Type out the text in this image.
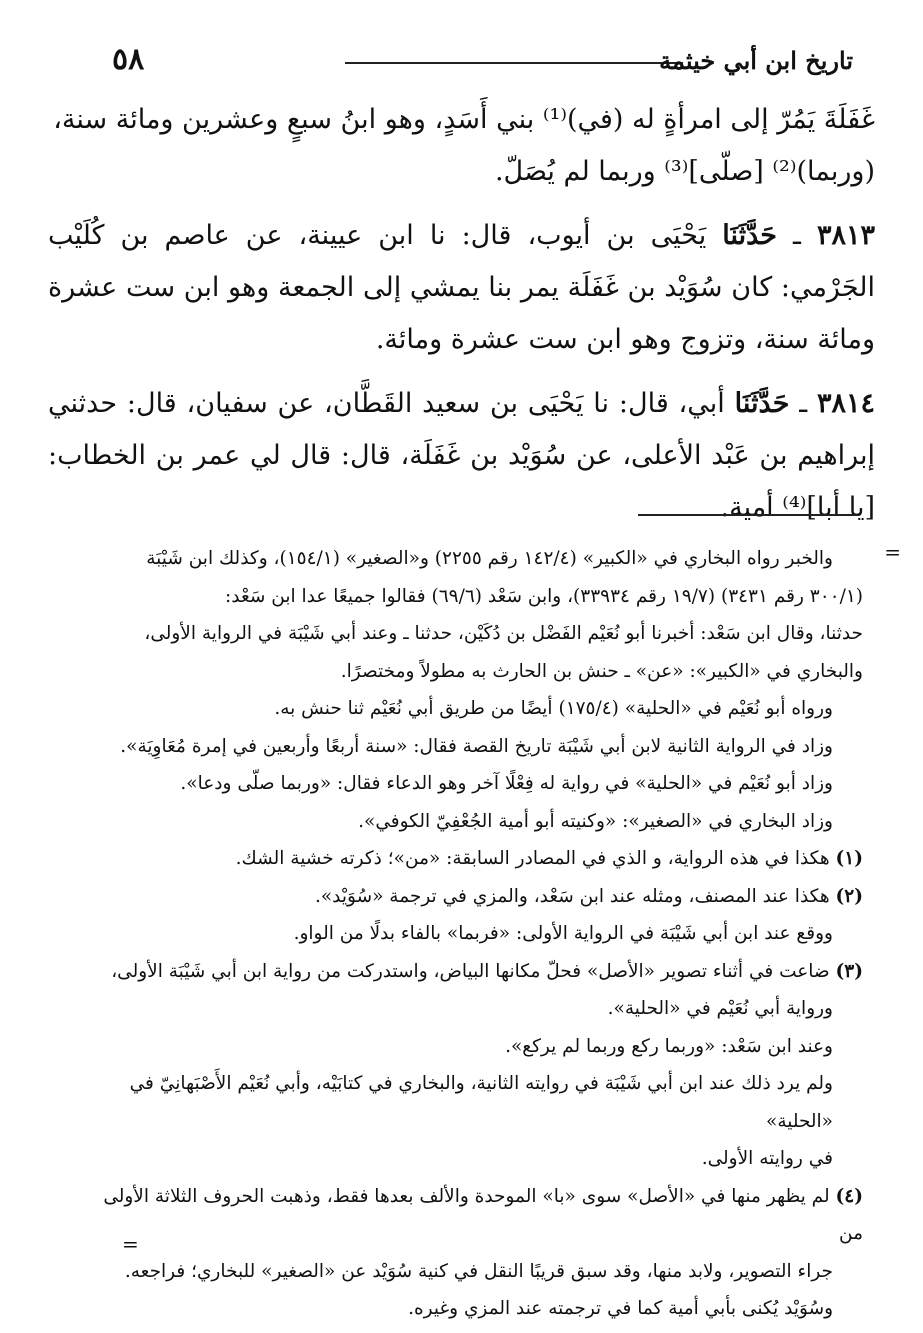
٥٨	تاريخ ابن أبي خيثمة

غَفَلَةَ يَمُرّ إلى امرأةٍ له (في)⁽¹⁾ بني أَسَدٍ، وهو ابنُ سبعٍ وعشرين ومائة سنة،
(وربما)⁽²⁾ [صلّى]⁽³⁾ وربما لم يُصَلّ.

٣٨١٣ ـ حَدَّثَنَا يَحْيَى بن أيوب، قال: نا ابن عيينة، عن عاصم بن كُلَيْب الجَرْمي: كان سُوَيْد بن غَفَلَة يمر بنا يمشي إلى الجمعة وهو ابن ست عشرة ومائة سنة، وتزوج وهو ابن ست عشرة ومائة.

٣٨١٤ ـ حَدَّثَنَا أبي، قال: نا يَحْيَى بن سعيد القَطَّان، عن سفيان، قال: حدثني إبراهيم بن عَبْد الأعلى، عن سُوَيْد بن غَفَلَة، قال: قال لي عمر بن الخطاب: [يا أبا]⁽⁴⁾ أمية.

=

والخبر رواه البخاري في «الكبير» (١٤٢/٤ رقم ٢٢٥٥) و«الصغير» (١٥٤/١)، وكذلك ابن شَيْبَة

(٣٠٠/١ رقم ٣٤٣١) (١٩/٧ رقم ٣٣٩٣٤)، وابن سَعْد (٦٩/٦) فقالوا جميعًا عدا ابن سَعْد:

حدثنا، وقال ابن سَعْد: أخبرنا أبو نُعَيْم الفَضْل بن دُكَيْن، حدثنا ـ وعند أبي شَيْبَة في الرواية الأولى،

والبخاري في «الكبير»: «عن» ـ حنش بن الحارث به مطولاً ومختصرًا.

ورواه أبو نُعَيْم في «الحلية» (١٧٥/٤) أيضًا من طريق أبي نُعَيْم ثنا حنش به.

وزاد في الرواية الثانية لابن أبي شَيْبَة تاريخ القصة فقال: «سنة أربعًا وأربعين في إمرة مُعَاوِيَة».

وزاد أبو نُعَيْم في «الحلية» في رواية له فِعْلًا آخر وهو الدعاء فقال: «وربما صلّى ودعا».

وزاد البخاري في «الصغير»: «وكنيته أبو أمية الجُعْفِيّ الكوفي».

(١) هكذا في هذه الرواية، و الذي في المصادر السابقة: «من»؛ ذكرته خشية الشك.

(٢) هكذا عند المصنف، ومثله عند ابن سَعْد، والمزي في ترجمة «سُوَيْد».

ووقع عند ابن أبي شَيْبَة في الرواية الأولى: «فربما» بالفاء بدلًا من الواو.

(٣) ضاعت في أثناء تصوير «الأصل» فحلّ مكانها البياض، واستدركت من رواية ابن أبي شَيْبَة الأولى،

ورواية أبي نُعَيْم في «الحلية».

وعند ابن سَعْد: «وربما ركع وربما لم يركع».

ولم يرد ذلك عند ابن أبي شَيْبَة في روايته الثانية، والبخاري في كتابَيْه، وأبي نُعَيْم الأَصْبَهانِيّ في «الحلية»

في روايته الأولى.

(٤) لم يظهر منها في «الأصل» سوى «با» الموحدة والألف بعدها فقط، وذهبت الحروف الثلاثة الأولى من

جراء التصوير، ولابد منها، وقد سبق قريبًا النقل في كنية سُوَيْد عن «الصغير» للبخاري؛ فراجعه.

وسُوَيْد يُكنى بأبي أمية كما في ترجمته عند المزي وغيره.

=
